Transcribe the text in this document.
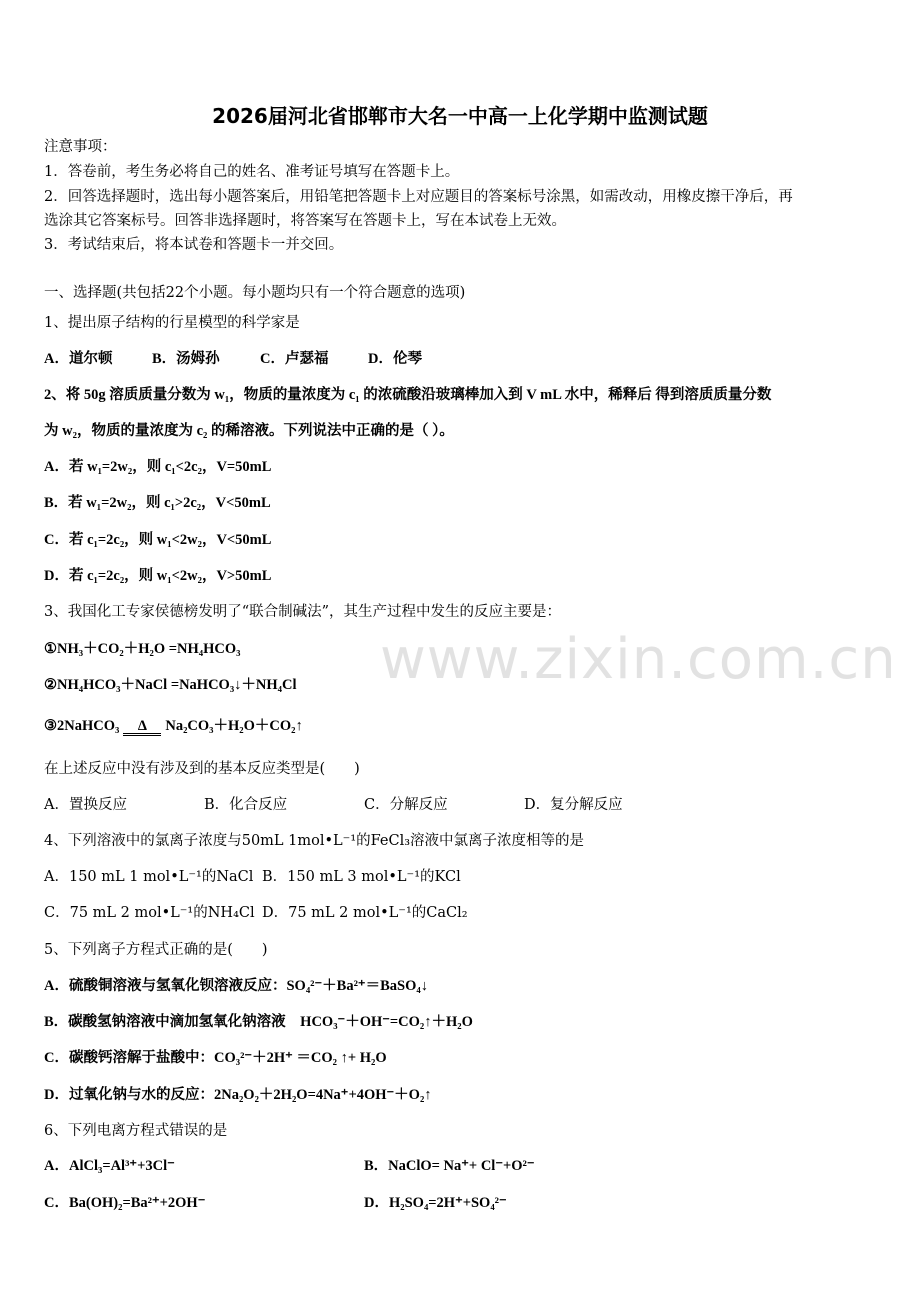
www.zixin.com.cn
2026届河北省邯郸市大名一中高一上化学期中监测试题
注意事项：
1．答卷前，考生务必将自己的姓名、准考证号填写在答题卡上。
2．回答选择题时，选出每小题答案后，用铅笔把答题卡上对应题目的答案标号涂黑，如需改动，用橡皮擦干净后，再
选涂其它答案标号。回答非选择题时，将答案写在答题卡上，写在本试卷上无效。
3．考试结束后，将本试卷和答题卡一并交回。
一、选择题(共包括22个小题。每小题均只有一个符合题意的选项)
1、提出原子结构的行星模型的科学家是
A．道尔顿	B．汤姆孙	C．卢瑟福	D．伦琴
2、将 50g 溶质质量分数为 w₁，物质的量浓度为 c₁ 的浓硫酸沿玻璃棒加入到 V mL 水中，稀释后 得到溶质质量分数
为 w₂，物质的量浓度为 c₂ 的稀溶液。下列说法中正确的是（ ）。
A．若 w₁=2w₂，则 c₁<2c₂，V=50mL
B．若 w₁=2w₂，则 c₁>2c₂，V<50mL
C．若 c₁=2c₂，则 w₁<2w₂，V<50mL
D．若 c₁=2c₂，则 w₁<2w₂，V>50mL
3、我国化工专家侯德榜发明了“联合制碱法”，其生产过程中发生的反应主要是：
①NH₃＋CO₂＋H₂O =NH₄HCO₃
②NH₄HCO₃＋NaCl =NaHCO₃↓＋NH₄Cl
③2NaHCO₃ Δ Na₂CO₃＋H₂O＋CO₂↑
在上述反应中没有涉及到的基本反应类型是(　　)
A．置换反应	B．化合反应	C．分解反应	D．复分解反应
4、下列溶液中的氯离子浓度与50mL 1mol•L⁻¹的FeCl₃溶液中氯离子浓度相等的是
A．150 mL 1 mol•L⁻¹的NaCl B．150 mL 3 mol•L⁻¹的KCl
C．75 mL 2 mol•L⁻¹的NH₄Cl D．75 mL 2 mol•L⁻¹的CaCl₂
5、下列离子方程式正确的是(　　)
A．硫酸铜溶液与氢氧化钡溶液反应：SO₄²⁻＋Ba²⁺＝BaSO₄↓
B．碳酸氢钠溶液中滴加氢氧化钠溶液　HCO₃⁻＋OH⁻=CO₂↑＋H₂O
C．碳酸钙溶解于盐酸中：CO₃²⁻＋2H⁺ ＝CO₂ ↑+ H₂O
D．过氧化钠与水的反应：2Na₂O₂＋2H₂O=4Na⁺+4OH⁻＋O₂↑
6、下列电离方程式错误的是
A．AlCl₃=Al³⁺+3Cl⁻	B．NaClO= Na⁺+ Cl⁻+O²⁻
C．Ba(OH)₂=Ba²⁺+2OH⁻	D．H₂SO₄=2H⁺+SO₄²⁻
